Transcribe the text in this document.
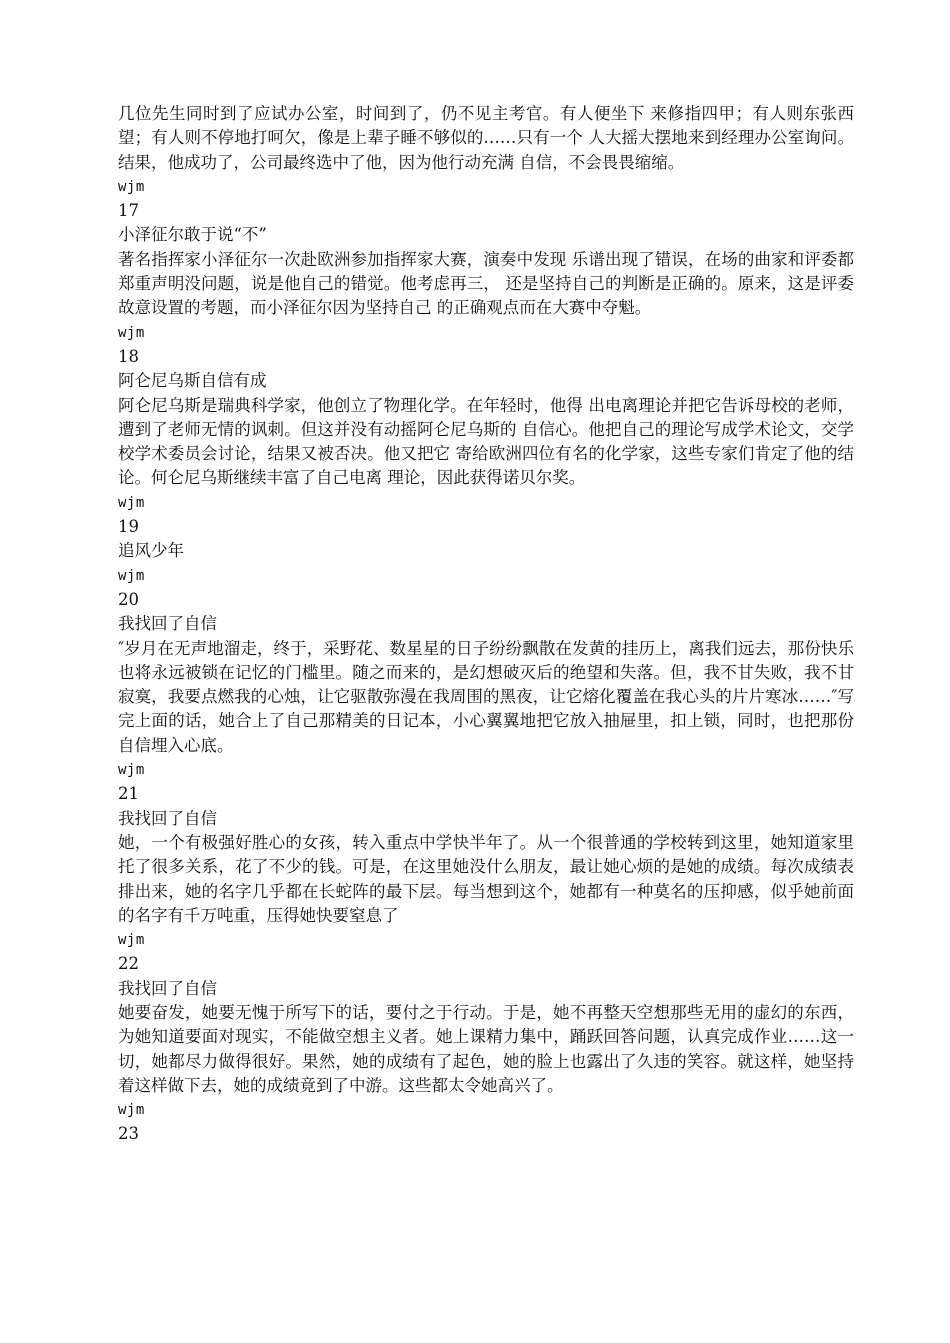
几位先生同时到了应试办公室，时间到了，仍不见主考官。有人便坐下 来修指四甲；有人则东张西望；有人则不停地打呵欠，像是上辈子睡不够似的……只有一个 人大摇大摆地来到经理办公室询问。结果，他成功了，公司最终选中了他，因为他行动充满 自信，不会畏畏缩缩。
wjm
17
小泽征尔敢于说“不”
著名指挥家小泽征尔一次赴欧洲参加指挥家大赛，演奏中发现 乐谱出现了错误，在场的曲家和评委都郑重声明没问题，说是他自己的错觉。他考虑再三， 还是坚持自己的判断是正确的。原来，这是评委故意设置的考题，而小泽征尔因为坚持自己 的正确观点而在大赛中夺魁。
wjm
18
阿仑尼乌斯自信有成
阿仑尼乌斯是瑞典科学家，他创立了物理化学。在年轻时，他得 出电离理论并把它告诉母校的老师，遭到了老师无情的讽刺。但这并没有动摇阿仑尼乌斯的 自信心。他把自己的理论写成学术论文，交学校学术委员会讨论，结果又被否决。他又把它 寄给欧洲四位有名的化学家，这些专家们肯定了他的结论。何仑尼乌斯继续丰富了自己电离 理论，因此获得诺贝尔奖。
wjm
19
追风少年
wjm
20
我找回了自信
″岁月在无声地溜走，终于，采野花、数星星的日子纷纷飘散在发黄的挂历上，离我们远去，那份快乐也将永远被锁在记忆的门槛里。随之而来的，是幻想破灭后的绝望和失落。但，我不甘失败，我不甘寂寞，我要点燃我的心烛，让它驱散弥漫在我周围的黑夜，让它熔化覆盖在我心头的片片寒冰……″写完上面的话，她合上了自己那精美的日记本，小心翼翼地把它放入抽屉里，扣上锁，同时，也把那份自信埋入心底。
wjm
21
我找回了自信
她，一个有极强好胜心的女孩，转入重点中学快半年了。从一个很普通的学校转到这里，她知道家里托了很多关系，花了不少的钱。可是，在这里她没什么朋友，最让她心烦的是她的成绩。每次成绩表排出来，她的名字几乎都在长蛇阵的最下层。每当想到这个，她都有一种莫名的压抑感，似乎她前面的名字有千万吨重，压得她快要窒息了
wjm
22
我找回了自信
她要奋发，她要无愧于所写下的话，要付之于行动。于是，她不再整天空想那些无用的虚幻的东西，为她知道要面对现实，不能做空想主义者。她上课精力集中，踊跃回答问题，认真完成作业……这一切，她都尽力做得很好。果然，她的成绩有了起色，她的脸上也露出了久违的笑容。就这样，她坚持着这样做下去，她的成绩竟到了中游。这些都太令她高兴了。
wjm
23
